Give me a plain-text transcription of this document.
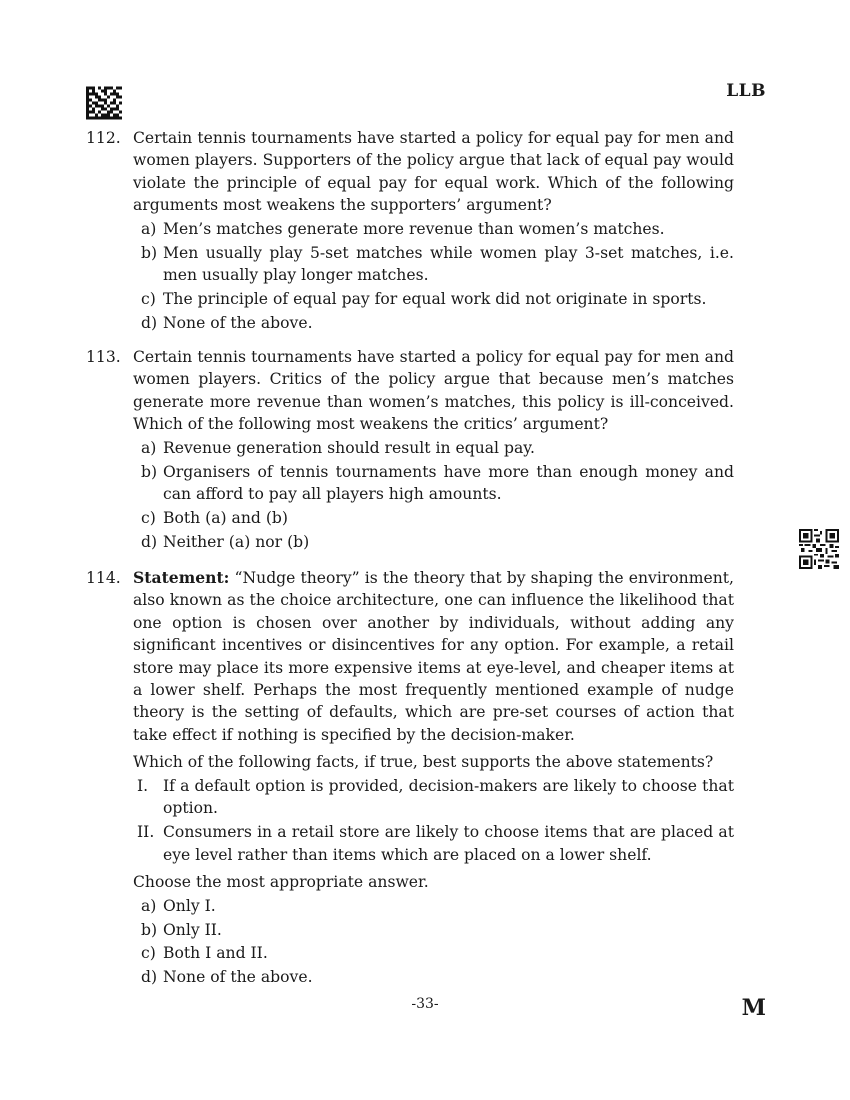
LLB
112. Certain tennis tournaments have started a policy for equal pay for men and women players. Supporters of the policy argue that lack of equal pay would violate the principle of equal pay for equal work. Which of the following arguments most weakens the supporters’ argument?

a) Men’s matches generate more revenue than women’s matches.
b) Men usually play 5-set matches while women play 3-set matches, i.e. men usually play longer matches.
c) The principle of equal pay for equal work did not originate in sports.
d) None of the above.
113. Certain tennis tournaments have started a policy for equal pay for men and women players. Critics of the policy argue that because men’s matches generate more revenue than women’s matches, this policy is ill-conceived. Which of the following most weakens the critics’ argument?

a) Revenue generation should result in equal pay.
b) Organisers of tennis tournaments have more than enough money and can afford to pay all players high amounts.
c) Both (a) and (b)
d) Neither (a) nor (b)
114. Statement: “Nudge theory” is the theory that by shaping the environment, also known as the choice architecture, one can influence the likelihood that one option is chosen over another by individuals, without adding any significant incentives or disincentives for any option. For example, a retail store may place its more expensive items at eye-level, and cheaper items at a lower shelf. Perhaps the most frequently mentioned example of nudge theory is the setting of defaults, which are pre-set courses of action that take effect if nothing is specified by the decision-maker.

Which of the following facts, if true, best supports the above statements?

I. If a default option is provided, decision-makers are likely to choose that option.
II. Consumers in a retail store are likely to choose items that are placed at eye level rather than items which are placed on a lower shelf.

Choose the most appropriate answer.

a) Only I.
b) Only II.
c) Both I and II.
d) None of the above.
-33-	M
